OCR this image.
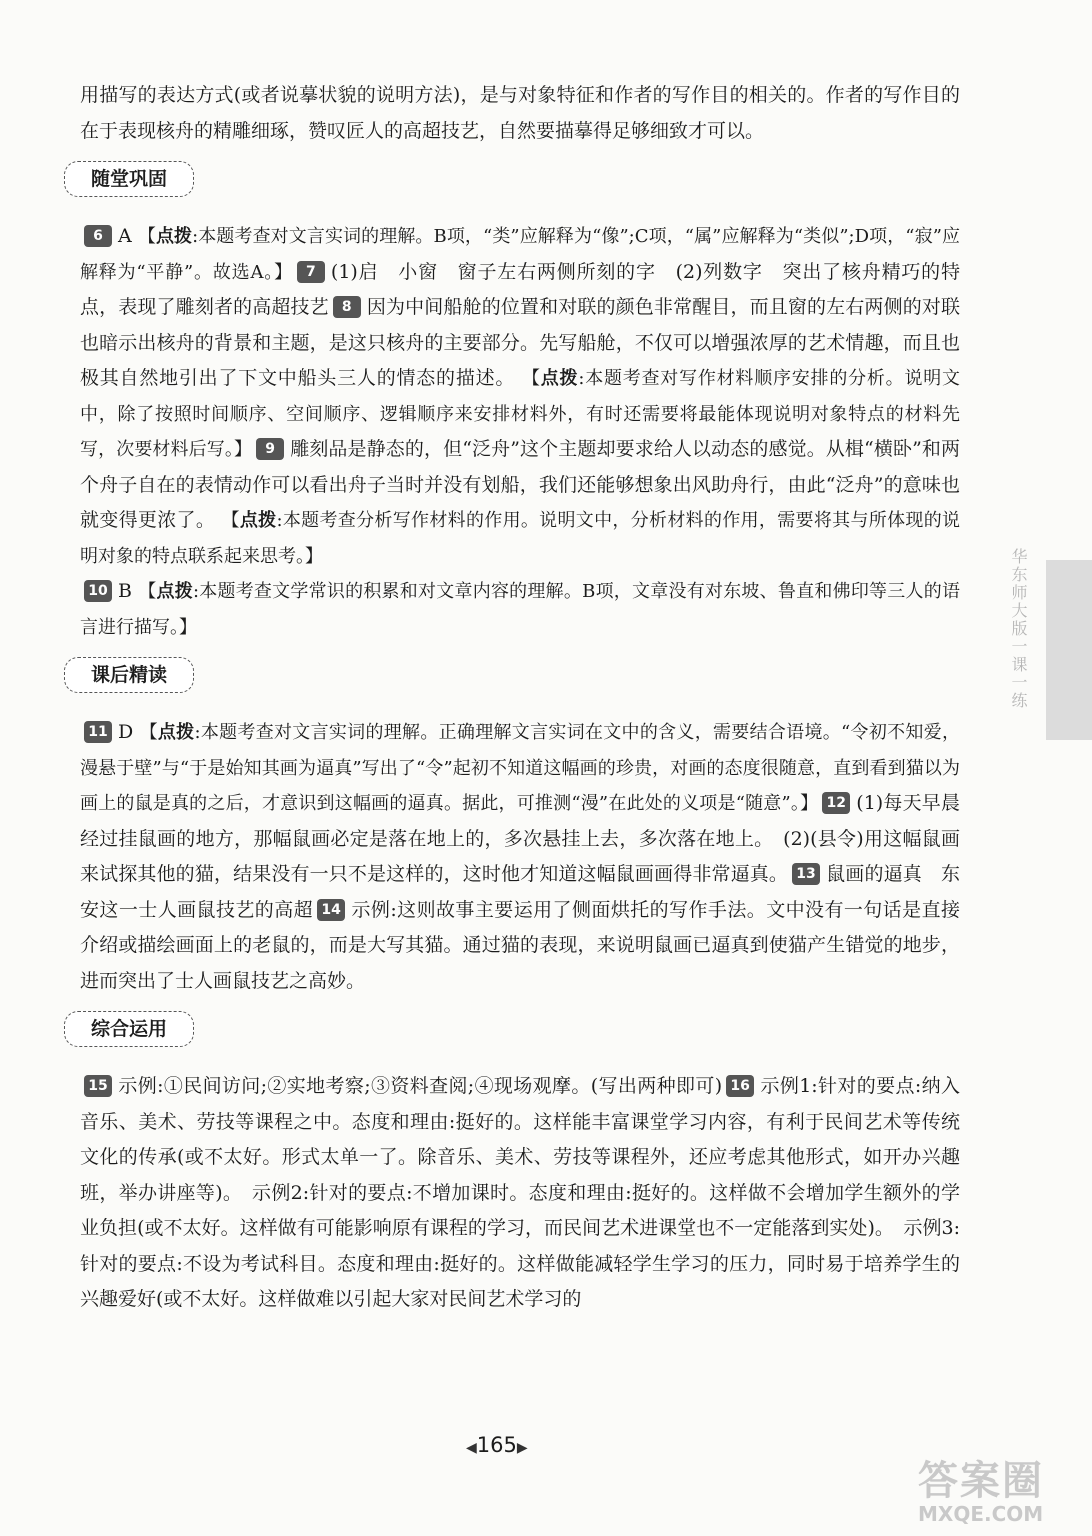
用描写的表达方式(或者说摹状貌的说明方法)，是与对象特征和作者的写作目的相关的。作者的写作目的在于表现核舟的精雕细琢，赞叹匠人的高超技艺，自然要描摹得足够细致才可以。
随堂巩固
6 A 【点拨:本题考查对文言实词的理解。B项，“类”应解释为“像”;C项，“属”应解释为“类似”;D项，“寂”应解释为“平静”。故选A。】 7 (1)启　小窗　窗子左右两侧所刻的字　(2)列数字　突出了核舟精巧的特点，表现了雕刻者的高超技艺 8 因为中间船舱的位置和对联的颜色非常醒目，而且窗的左右两侧的对联也暗示出核舟的背景和主题，是这只核舟的主要部分。先写船舱，不仅可以增强浓厚的艺术情趣，而且也极其自然地引出了下文中船头三人的情态的描述。 【点拨:本题考查对写作材料顺序安排的分析。说明文中，除了按照时间顺序、空间顺序、逻辑顺序来安排材料外，有时还需要将最能体现说明对象特点的材料先写，次要材料后写。】 9 雕刻品是静态的，但“泛舟”这个主题却要求给人以动态的感觉。从楫“横卧”和两个舟子自在的表情动作可以看出舟子当时并没有划船，我们还能够想象出风助舟行，由此“泛舟”的意味也就变得更浓了。 【点拨:本题考查分析写作材料的作用。说明文中，分析材料的作用，需要将其与所体现的说明对象的特点联系起来思考。】
10 B 【点拨:本题考查文学常识的积累和对文章内容的理解。B项，文章没有对东坡、鲁直和佛印等三人的语言进行描写。】
课后精读
11 D 【点拨:本题考查对文言实词的理解。正确理解文言实词在文中的含义，需要结合语境。“令初不知爱，漫悬于壁”与“于是始知其画为逼真”写出了“令”起初不知道这幅画的珍贵，对画的态度很随意，直到看到猫以为画上的鼠是真的之后，才意识到这幅画的逼真。据此，可推测“漫”在此处的义项是“随意”。】 12 (1)每天早晨经过挂鼠画的地方，那幅鼠画必定是落在地上的，多次悬挂上去，多次落在地上。　(2)(县令)用这幅鼠画来试探其他的猫，结果没有一只不是这样的，这时他才知道这幅鼠画画得非常逼真。 13 鼠画的逼真　东安这一士人画鼠技艺的高超 14 示例:这则故事主要运用了侧面烘托的写作手法。文中没有一句话是直接介绍或描绘画面上的老鼠的，而是大写其猫。通过猫的表现，来说明鼠画已逼真到使猫产生错觉的地步，进而突出了士人画鼠技艺之高妙。
综合运用
15 示例:①民间访问;②实地考察;③资料查阅;④现场观摩。(写出两种即可) 16 示例1:针对的要点:纳入音乐、美术、劳技等课程之中。态度和理由:挺好的。这样能丰富课堂学习内容，有利于民间艺术等传统文化的传承(或不太好。形式太单一了。除音乐、美术、劳技等课程外，还应考虑其他形式，如开办兴趣班，举办讲座等)。　示例2:针对的要点:不增加课时。态度和理由:挺好的。这样做不会增加学生额外的学业负担(或不太好。这样做有可能影响原有课程的学习，而民间艺术进课堂也不一定能落到实处)。　示例3:针对的要点:不设为考试科目。态度和理由:挺好的。这样做能减轻学生学习的压力，同时易于培养学生的兴趣爱好(或不太好。这样做难以引起大家对民间艺术学习的
华东师大版一课一练
◀165▶
答案圈
MXQE.COM
